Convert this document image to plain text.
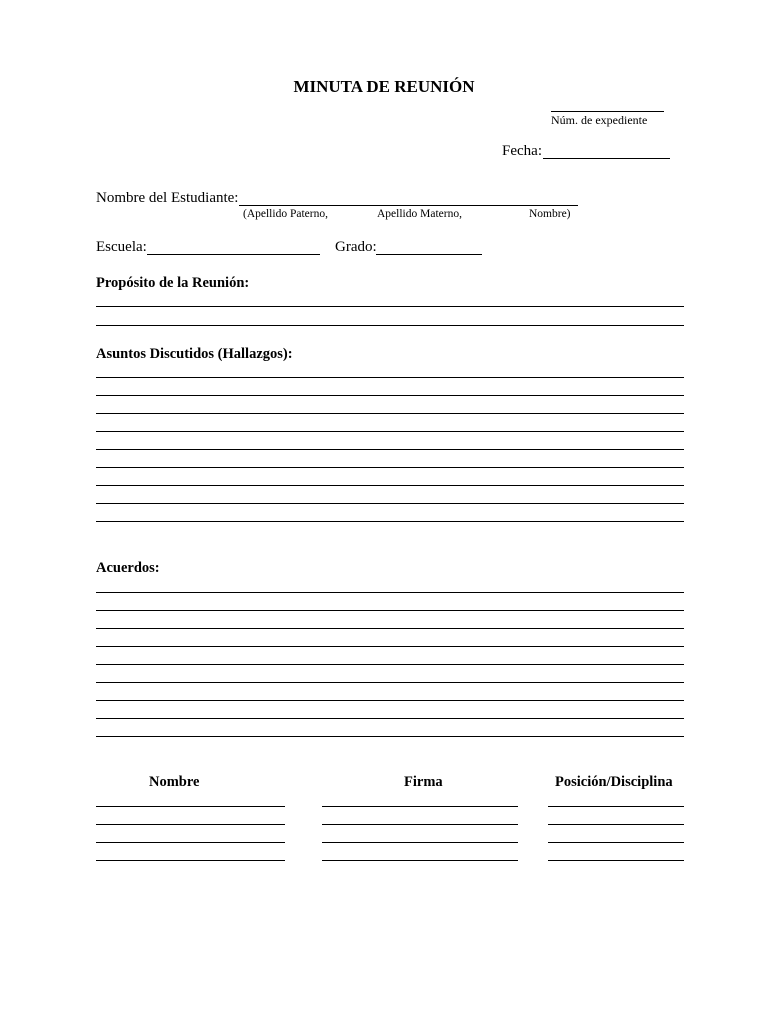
MINUTA DE REUNIÓN
Núm. de expediente
Fecha:
Nombre del Estudiante:
(Apellido Paterno,	Apellido Materno,	Nombre)
Escuela:	Grado:
Propósito de la Reunión:
Asuntos Discutidos (Hallazgos):
Acuerdos:
Nombre	Firma	Posición/Disciplina
